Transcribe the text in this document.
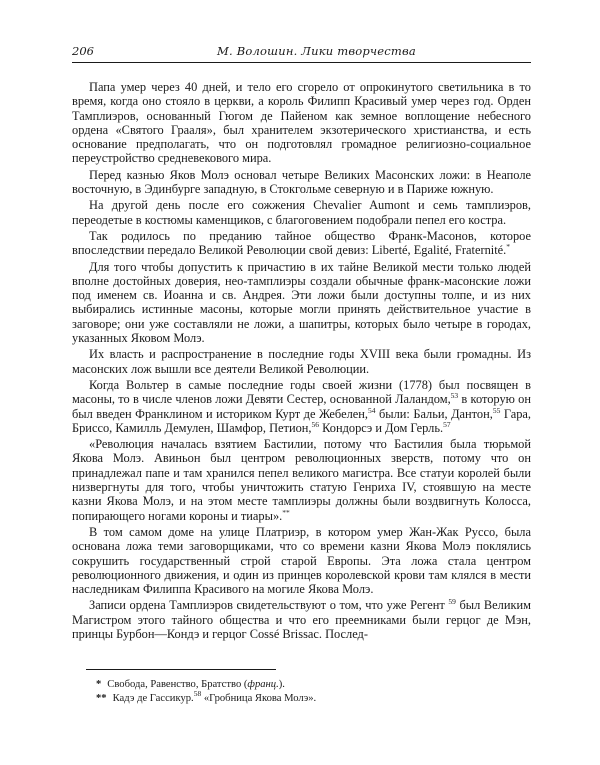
206	М. Волошин. Лики творчества

Папа умер через 40 дней, и тело его сгорело от опрокинутого светильника в то время, когда оно стояло в церкви, а король Филипп Красивый умер через год. Орден Тамплиэров, основанный Гюгом де Пайеном как земное воплощение небесного ордена «Святого Грааля», был хранителем экзотерического христианства, и есть основание предполагать, что он подготовлял громадное религиозно-социальное переустройство средневекового мира.

Перед казнью Яков Молэ основал четыре Великих Масонских ложи: в Неаполе восточную, в Эдинбурге западную, в Стокгольме северную и в Париже южную.

На другой день после его сожжения Chevalier Aumont и семь тамплиэров, переодетые в костюмы каменщиков, с благоговением подобрали пепел его костра.

Так родилось по преданию тайное общество Франк-Масонов, которое впоследствии передало Великой Революции свой девиз: Liberté, Egalité, Fraternité.*

Для того чтобы допустить к причастию в их тайне Великой мести только людей вполне достойных доверия, нео-тамплиэры создали обычные франк-масонские ложи под именем св. Иоанна и св. Андрея. Эти ложи были доступны толпе, и из них выбирались истинные масоны, которые могли принять действительное участие в заговоре; они уже составляли не ложи, а шапитры, которых было четыре в городах, указанных Яковом Молэ.

Их власть и распространение в последние годы XVIII века были громадны. Из масонских лож вышли все деятели Великой Революции.

Когда Вольтер в самые последние годы своей жизни (1778) был посвящен в масоны, то в числе членов ложи Девяти Сестер, основанной Лаландом,$^{53}$ в которую он был введен Франклином и историком Курт де Жебелен,$^{54}$ были: Бальи, Дантон,$^{55}$ Гара, Бриссо, Камилль Демулен, Шамфор, Петион,$^{56}$ Кондорсэ и Дом Герль.$^{57}$

«Революция началась взятием Бастилии, потому что Бастилия была тюрьмой Якова Молэ. Авиньон был центром революционных зверств, потому что он принадлежал папе и там хранился пепел великого магистра. Все статуи королей были низвергнуты для того, чтобы уничтожить статую Генриха IV, стоявшую на месте казни Якова Молэ, и на этом месте тамплиэры должны были воздвигнуть Колосса, попирающего ногами короны и тиары».**

В том самом доме на улице Платриэр, в котором умер Жан-Жак Руссо, была основана ложа теми заговорщиками, что со времени казни Якова Молэ поклялись сокрушить государственный строй старой Европы. Эта ложа стала центром революционного движения, и один из принцев королевской крови там клялся в мести наследникам Филиппа Красивого на могиле Якова Молэ.

Записи ордена Тамплиэров свидетельствуют о том, что уже Регент $^{59}$ был Великим Магистром этого тайного общества и что его преемниками были герцог де Мэн, принцы Бурбон—Кондэ и герцог Cossé Brissac. Послед-

* Свобода, Равенство, Братство (франц.).
** Кадэ де Гассикур.$^{58}$ «Гробница Якова Молэ».
